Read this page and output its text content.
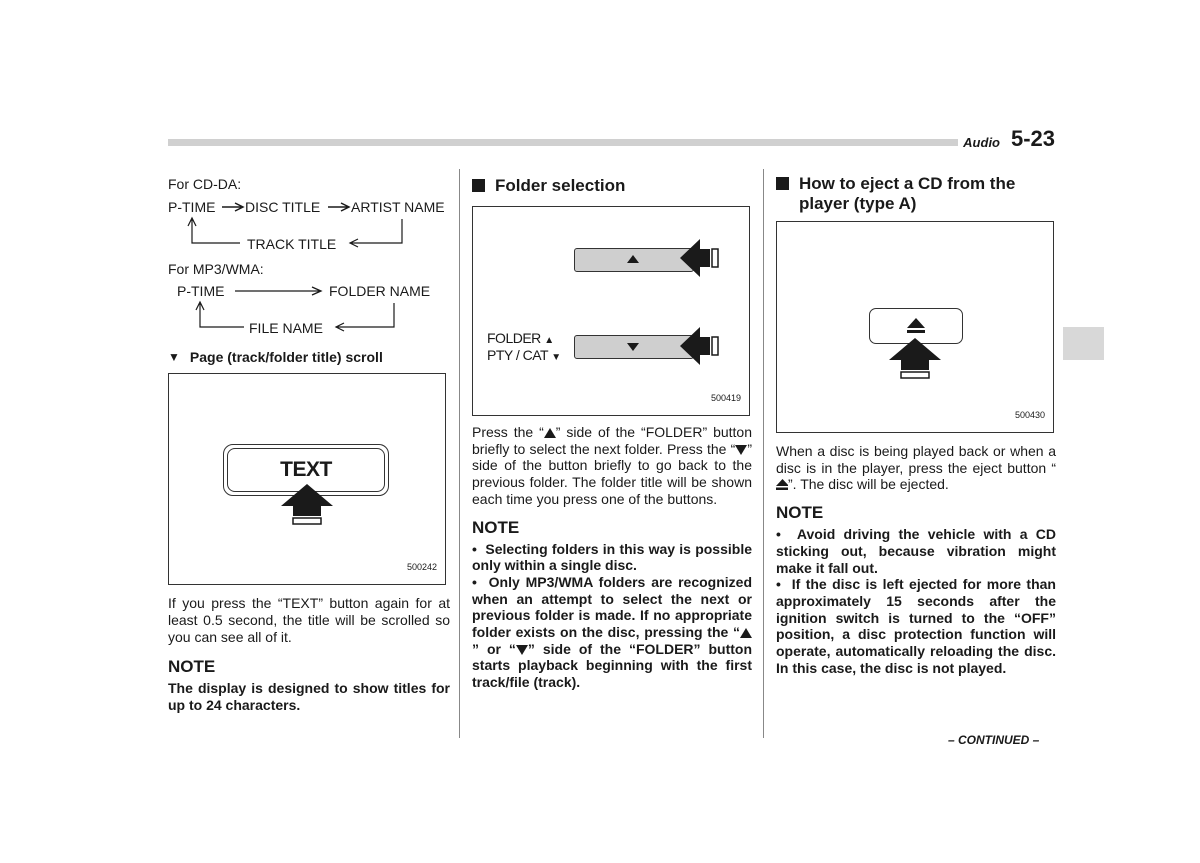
Audio 5-23
For CD-DA:
P-TIME DISC TITLE ARTIST NAME
TRACK TITLE
For MP3/WMA:
P-TIME	FOLDER NAME
FILE NAME
▼ Page (track/folder title) scroll
TEXT
500242

If you press the “TEXT” button again for at least 0.5 second, the title will be scrolled so you can see all of it.

NOTE

The display is designed to show titles for up to 24 characters.

Folder selection
FOLDER ▲
PTY / CAT ▼
500419

Press the “ ” side of the “FOLDER” button briefly to select the next folder. Press the “ ” side of the button briefly to go back to the previous folder. The folder title will be shown each time you press one of the buttons.

NOTE

•  Selecting folders in this way is possible only within a single disc.

•  Only MP3/WMA folders are recognized when an attempt to select the next or previous folder is made. If no appropriate folder exists on the disc, pressing the “” or “ ” side of the “FOLDER” button starts playback beginning with the first track/file (track).

How to eject a CD from the player (type A)
500430

When a disc is being played back or when a disc is in the player, press the eject button “”. The disc will be ejected.

NOTE

•  Avoid driving the vehicle with a CD sticking out, because vibration might make it fall out.

•  If the disc is left ejected for more than approximately 15 seconds after the ignition switch is turned to the “OFF” position, a disc protection function will operate, automatically reloading the disc. In this case, the disc is not played.

– CONTINUED –
